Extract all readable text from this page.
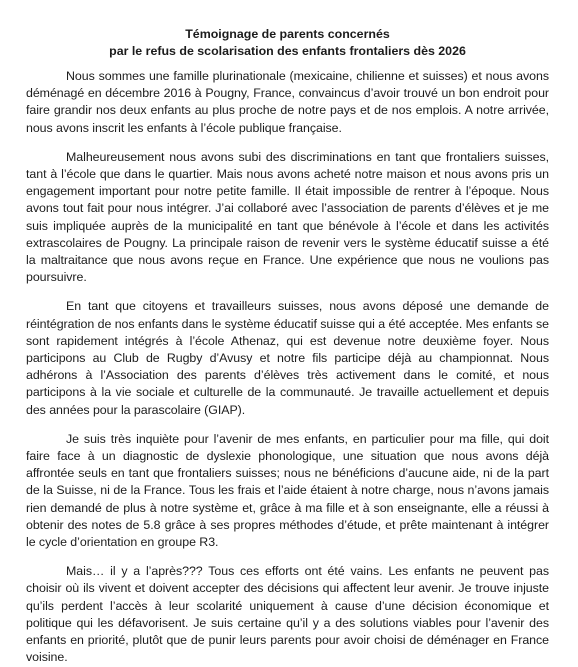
Témoignage de parents concernés
par le refus de scolarisation des enfants frontaliers dès 2026

Nous sommes une famille plurinationale (mexicaine, chilienne et suisses) et nous avons déménagé en décembre 2016 à Pougny, France, convaincus d’avoir trouvé un bon endroit pour faire grandir nos deux enfants au plus proche de notre pays et de nos emplois. A notre arrivée, nous avons inscrit les enfants à l’école publique française.

Malheureusement nous avons subi des discriminations en tant que frontaliers suisses, tant à l’école que dans le quartier. Mais nous avons acheté notre maison et nous avons pris un engagement important pour notre petite famille. Il était impossible de rentrer à l’époque. Nous avons tout fait pour nous intégrer. J’ai collaboré avec l’association de parents d’élèves et je me suis impliquée auprès de la municipalité en tant que bénévole à l’école et dans les activités extrascolaires de Pougny. La principale raison de revenir vers le système éducatif suisse a été la maltraitance que nous avons reçue en France. Une expérience que nous ne voulions pas poursuivre.

En tant que citoyens et travailleurs suisses, nous avons déposé une demande de réintégration de nos enfants dans le système éducatif suisse qui a été acceptée. Mes enfants se sont rapidement intégrés à l’école Athenaz, qui est devenue notre deuxième foyer. Nous participons au Club de Rugby d’Avusy et notre fils participe déjà au championnat. Nous adhérons à l’Association des parents d’élèves très activement dans le comité, et nous participons à la vie sociale et culturelle de la communauté. Je travaille actuellement et depuis des années pour la parascolaire (GIAP).

Je suis très inquiète pour l’avenir de mes enfants, en particulier pour ma fille, qui doit faire face à un diagnostic de dyslexie phonologique, une situation que nous avons déjà affrontée seuls en tant que frontaliers suisses; nous ne bénéficions d’aucune aide, ni de la part de la Suisse, ni de la France. Tous les frais et l’aide étaient à notre charge, nous n’avons jamais rien demandé de plus à notre système et, grâce à ma fille et à son enseignante, elle a réussi à obtenir des notes de 5.8 grâce à ses propres méthodes d’étude, et prête maintenant à intégrer le cycle d’orientation en groupe R3.

Mais… il y a l’après??? Tous ces efforts ont été vains. Les enfants ne peuvent pas choisir où ils vivent et doivent accepter des décisions qui affectent leur avenir. Je trouve injuste qu’ils perdent l’accès à leur scolarité uniquement à cause d’une décision économique et politique qui les défavorisent. Je suis certaine qu’il y a des solutions viables pour l’avenir des enfants en priorité, plutôt que de punir leurs parents pour avoir choisi de déménager en France voisine.
